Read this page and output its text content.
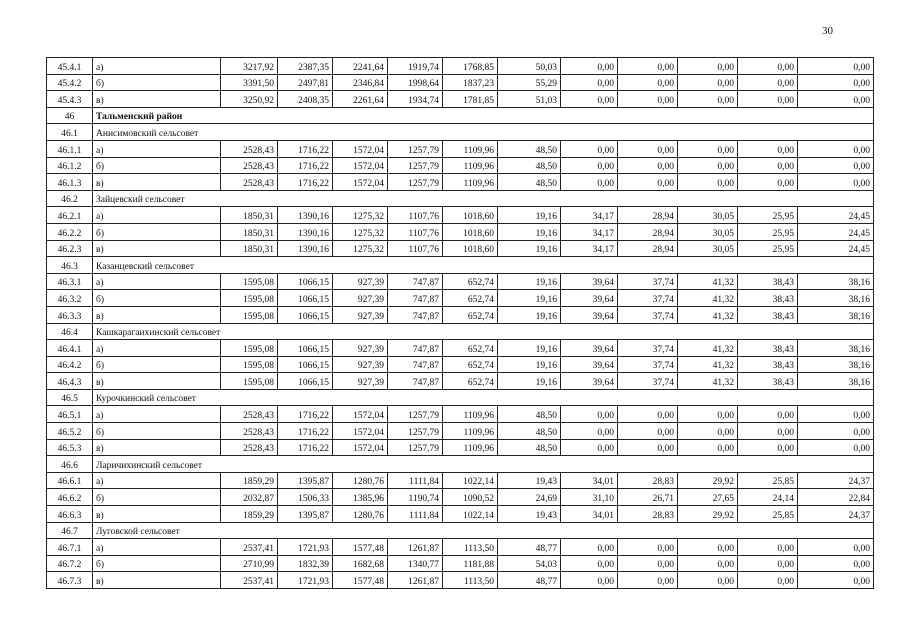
30
45.4.1	а)	3217,92	2387,35	2241,64	1919,74	1768,85	50,03	0,00	0,00	0,00	0,00	0,00
45.4.2	б)	3391,50	2497,81	2346,84	1998,64	1837,23	55,29	0,00	0,00	0,00	0,00	0,00
45.4.3	в)	3250,92	2408,35	2261,64	1934,74	1781,85	51,03	0,00	0,00	0,00	0,00	0,00
46	Тальменский район											
46.1	Анисимовский сельсовет											
46.1.1	а)	2528,43	1716,22	1572,04	1257,79	1109,96	48,50	0,00	0,00	0,00	0,00	0,00
46.1.2	б)	2528,43	1716,22	1572,04	1257,79	1109,96	48,50	0,00	0,00	0,00	0,00	0,00
46.1.3	в)	2528,43	1716,22	1572,04	1257,79	1109,96	48,50	0,00	0,00	0,00	0,00	0,00
46.2	Зайцевский сельсовет											
46.2.1	а)	1850,31	1390,16	1275,32	1107,76	1018,60	19,16	34,17	28,94	30,05	25,95	24,45
46.2.2	б)	1850,31	1390,16	1275,32	1107,76	1018,60	19,16	34,17	28,94	30,05	25,95	24,45
46.2.3	в)	1850,31	1390,16	1275,32	1107,76	1018,60	19,16	34,17	28,94	30,05	25,95	24,45
46.3	Казанцевский сельсовет											
46.3.1	а)	1595,08	1066,15	927,39	747,87	652,74	19,16	39,64	37,74	41,32	38,43	38,16
46.3.2	б)	1595,08	1066,15	927,39	747,87	652,74	19,16	39,64	37,74	41,32	38,43	38,16
46.3.3	в)	1595,08	1066,15	927,39	747,87	652,74	19,16	39,64	37,74	41,32	38,43	38,16
46.4	Кашкарагаихинский сельсовет											
46.4.1	а)	1595,08	1066,15	927,39	747,87	652,74	19,16	39,64	37,74	41,32	38,43	38,16
46.4.2	б)	1595,08	1066,15	927,39	747,87	652,74	19,16	39,64	37,74	41,32	38,43	38,16
46.4.3	в)	1595,08	1066,15	927,39	747,87	652,74	19,16	39,64	37,74	41,32	38,43	38,16
46.5	Курочкинский сельсовет											
46.5.1	а)	2528,43	1716,22	1572,04	1257,79	1109,96	48,50	0,00	0,00	0,00	0,00	0,00
46.5.2	б)	2528,43	1716,22	1572,04	1257,79	1109,96	48,50	0,00	0,00	0,00	0,00	0,00
46.5.3	в)	2528,43	1716,22	1572,04	1257,79	1109,96	48,50	0,00	0,00	0,00	0,00	0,00
46.6	Ларичихинский сельсовет											
46.6.1	а)	1859,29	1395,87	1280,76	1111,84	1022,14	19,43	34,01	28,83	29,92	25,85	24,37
46.6.2	б)	2032,87	1506,33	1385,96	1190,74	1090,52	24,69	31,10	26,71	27,65	24,14	22,84
46.6.3	в)	1859,29	1395,87	1280,76	1111,84	1022,14	19,43	34,01	28,83	29,92	25,85	24,37
46.7	Луговской сельсовет											
46.7.1	а)	2537,41	1721,93	1577,48	1261,87	1113,50	48,77	0,00	0,00	0,00	0,00	0,00
46.7.2	б)	2710,99	1832,39	1682,68	1340,77	1181,88	54,03	0,00	0,00	0,00	0,00	0,00
46.7.3	в)	2537,41	1721,93	1577,48	1261,87	1113,50	48,77	0,00	0,00	0,00	0,00	0,00
